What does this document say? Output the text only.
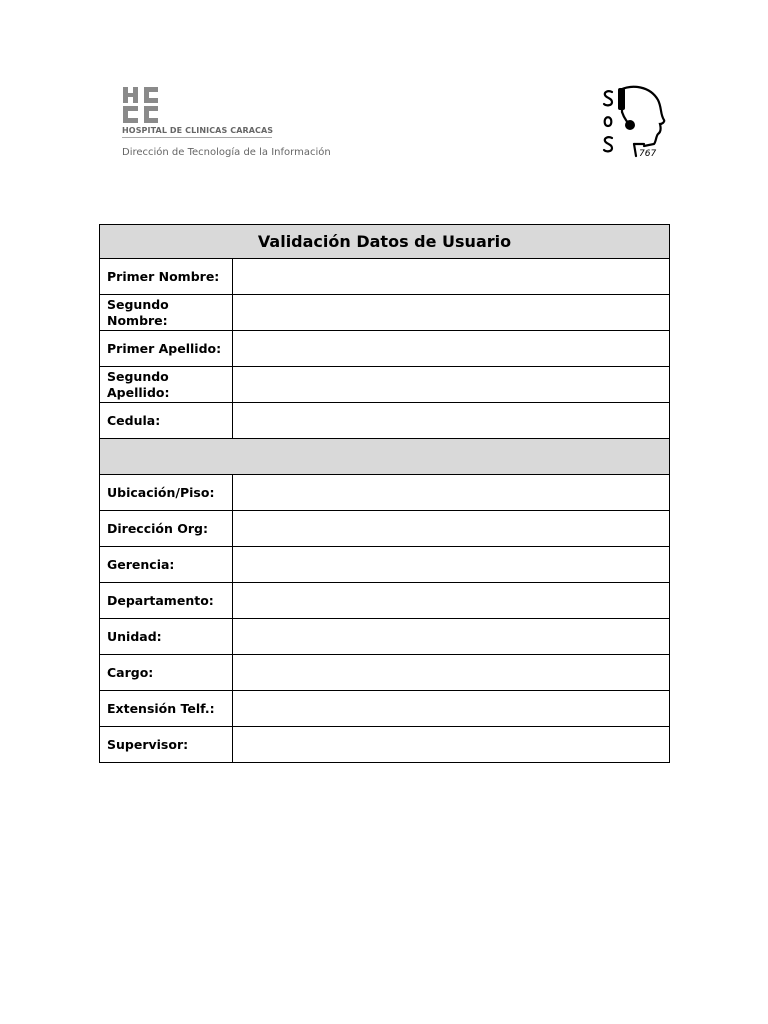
HOSPITAL DE CLINICAS CARACAS
Dirección de Tecnología de la Información	767
Validación Datos de Usuario	
Primer Nombre:	
Segundo Nombre:	
Primer Apellido:	
Segundo Apellido:	
Cedula:	

Ubicación/Piso:	
Dirección Org:	
Gerencia:	
Departamento:	
Unidad:	
Cargo:	
Extensión Telf.:	
Supervisor:	
